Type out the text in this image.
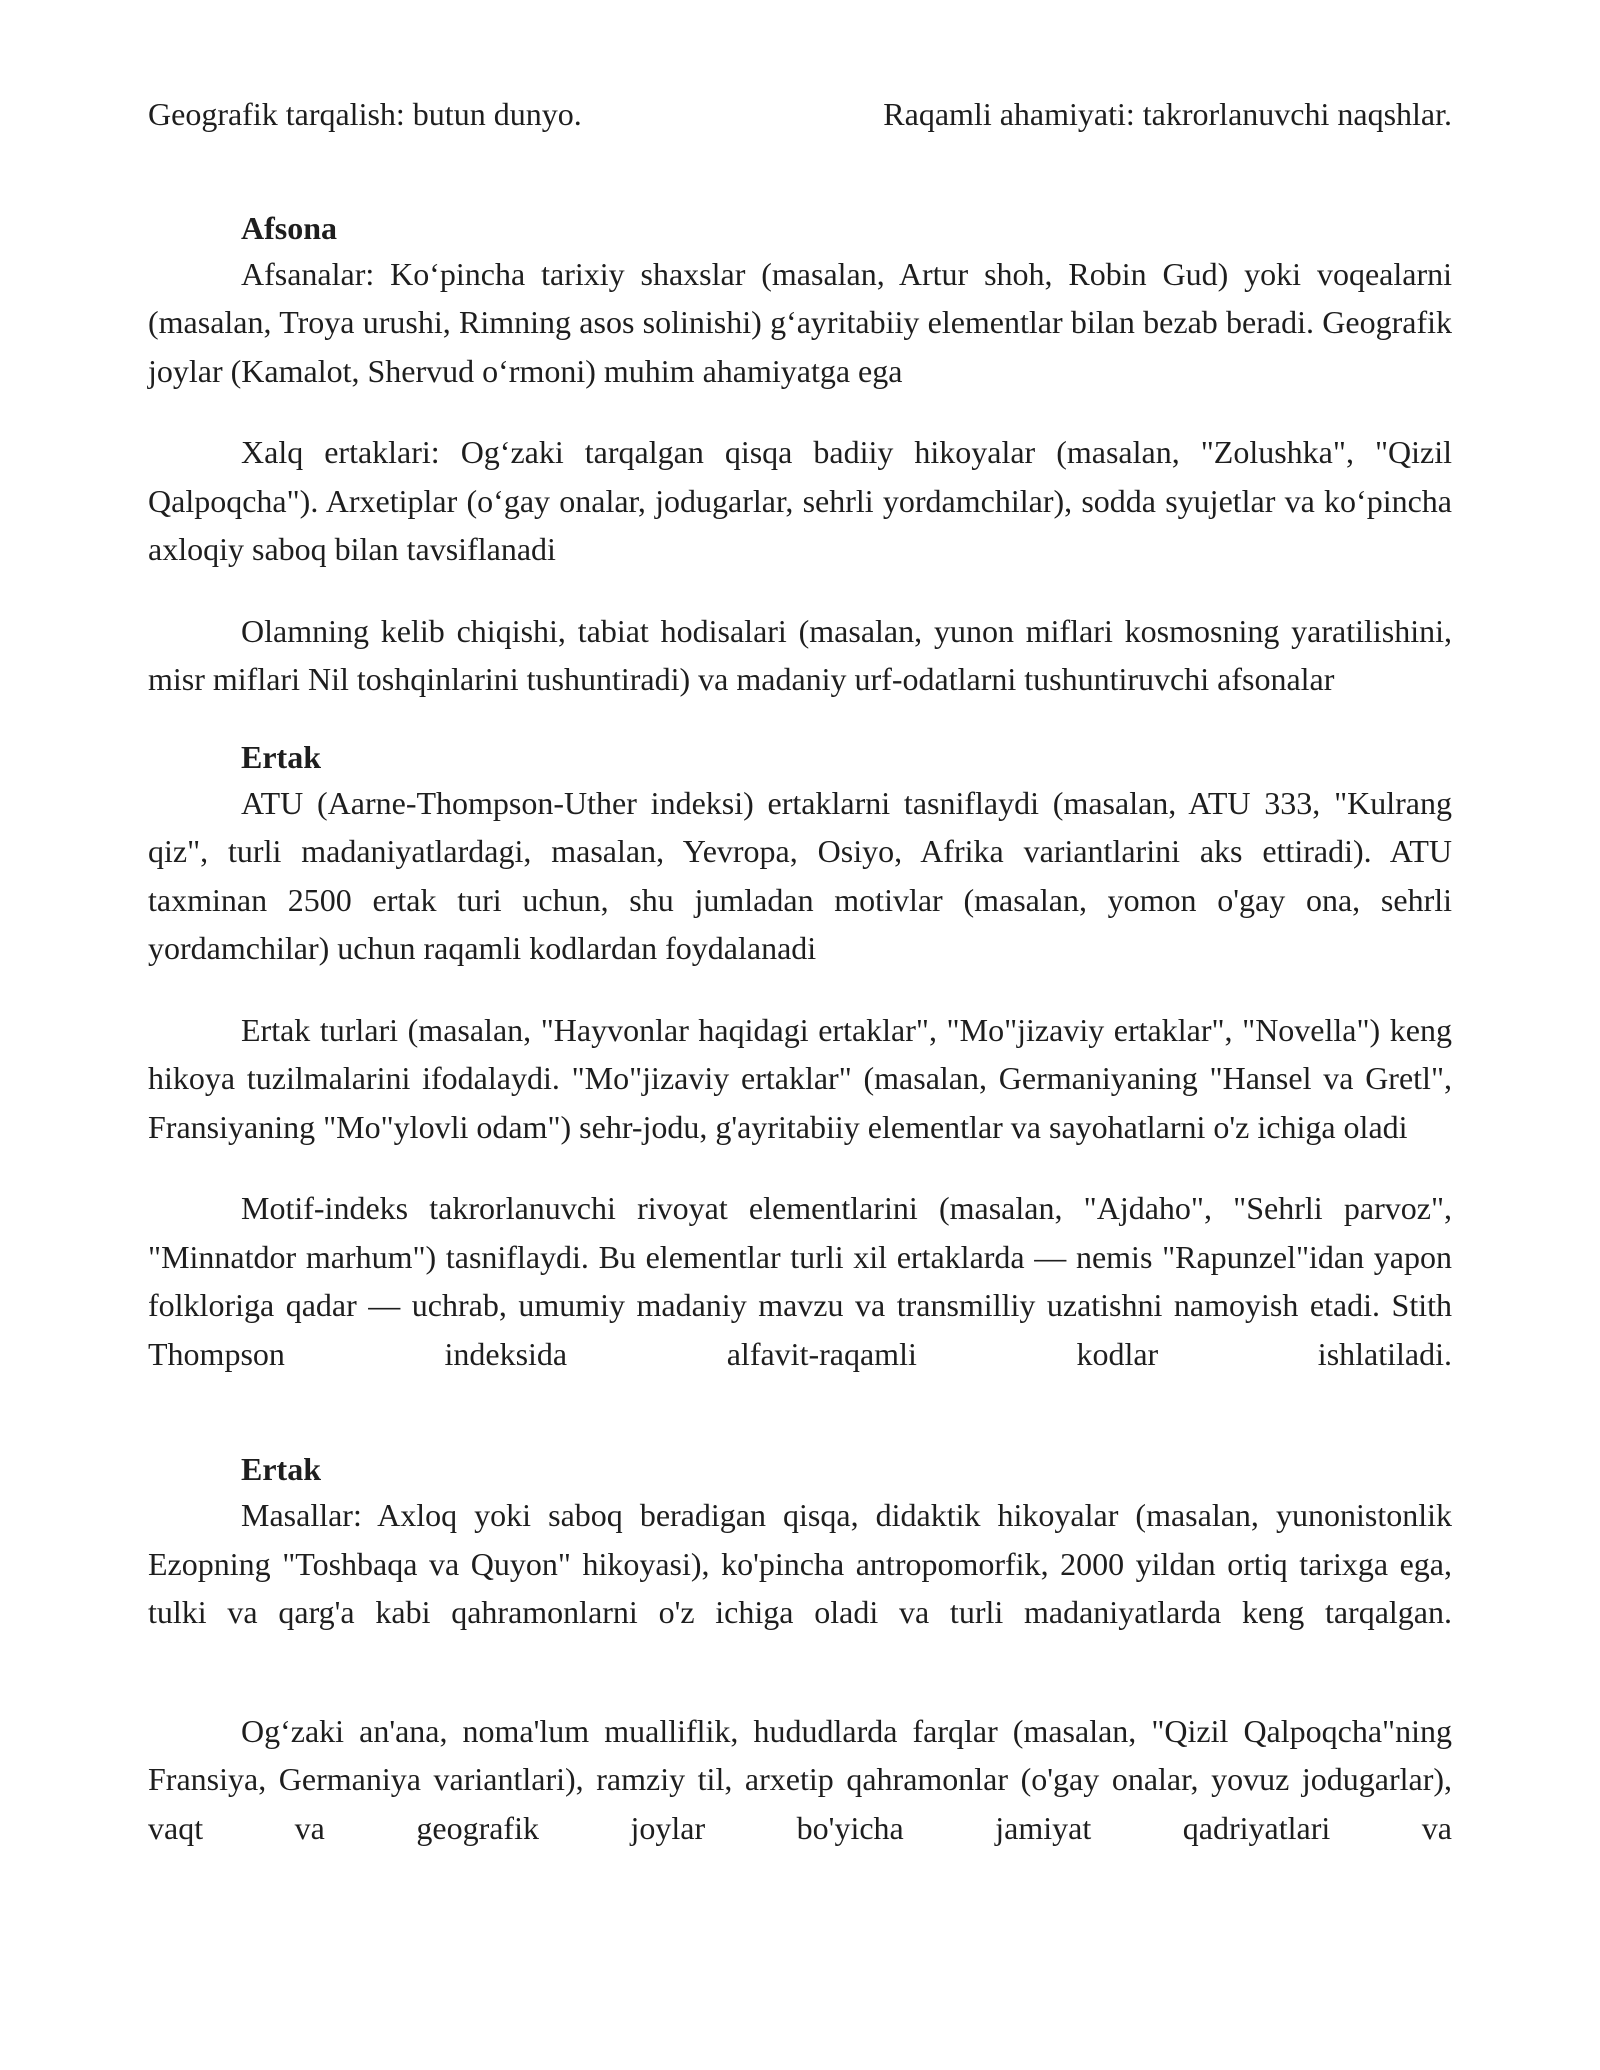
Geografik tarqalish: butun dunyo.	Raqamli ahamiyati: takrorlanuvchi naqshlar.

Afsona

Afsanalar: Koʻpincha tarixiy shaxslar (masalan, Artur shoh, Robin Gud) yoki voqealarni (masalan, Troya urushi, Rimning asos solinishi) gʻayritabiiy elementlar bilan bezab beradi. Geografik joylar (Kamalot, Shervud oʻrmoni) muhim ahamiyatga ega

Xalq ertaklari: Ogʻzaki tarqalgan qisqa badiiy hikoyalar (masalan, "Zolushka", "Qizil Qalpoqcha"). Arxetiplar (oʻgay onalar, jodugarlar, sehrli yordamchilar), sodda syujetlar va koʻpincha axloqiy saboq bilan tavsiflanadi

Olamning kelib chiqishi, tabiat hodisalari (masalan, yunon miflari kosmosning yaratilishini, misr miflari Nil toshqinlarini tushuntiradi) va madaniy urf-odatlarni tushuntiruvchi afsonalar

Ertak

ATU (Aarne-Thompson-Uther indeksi) ertaklarni tasniflaydi (masalan, ATU 333, "Kulrang qiz", turli madaniyatlardagi, masalan, Yevropa, Osiyo, Afrika variantlarini aks ettiradi). ATU taxminan 2500 ertak turi uchun, shu jumladan motivlar (masalan, yomon o'gay ona, sehrli yordamchilar) uchun raqamli kodlardan foydalanadi

Ertak turlari (masalan, "Hayvonlar haqidagi ertaklar", "Mo"jizaviy ertaklar", "Novella") keng hikoya tuzilmalarini ifodalaydi. "Mo"jizaviy ertaklar" (masalan, Germaniyaning "Hansel va Gretl", Fransiyaning "Mo"ylovli odam") sehr-jodu, g'ayritabiiy elementlar va sayohatlarni o'z ichiga oladi

Motif-indeks takrorlanuvchi rivoyat elementlarini (masalan, "Ajdaho", "Sehrli parvoz", "Minnatdor marhum") tasniflaydi. Bu elementlar turli xil ertaklarda — nemis "Rapunzel"idan yapon folkloriga qadar — uchrab, umumiy madaniy mavzu va transmilliy uzatishni namoyish etadi. Stith Thompson indeksida alfavit-raqamli kodlar ishlatiladi.

Ertak

Masallar: Axloq yoki saboq beradigan qisqa, didaktik hikoyalar (masalan, yunonistonlik Ezopning "Toshbaqa va Quyon" hikoyasi), ko'pincha antropomorfik, 2000 yildan ortiq tarixga ega, tulki va qarg'a kabi qahramonlarni o'z ichiga oladi va turli madaniyatlarda keng tarqalgan.

Ogʻzaki an'ana, noma'lum mualliflik, hududlarda farqlar (masalan, "Qizil Qalpoqcha"ning Fransiya, Germaniya variantlari), ramziy til, arxetip qahramonlar (o'gay onalar, yovuz jodugarlar), vaqt va geografik joylar bo'yicha jamiyat qadriyatlari va
